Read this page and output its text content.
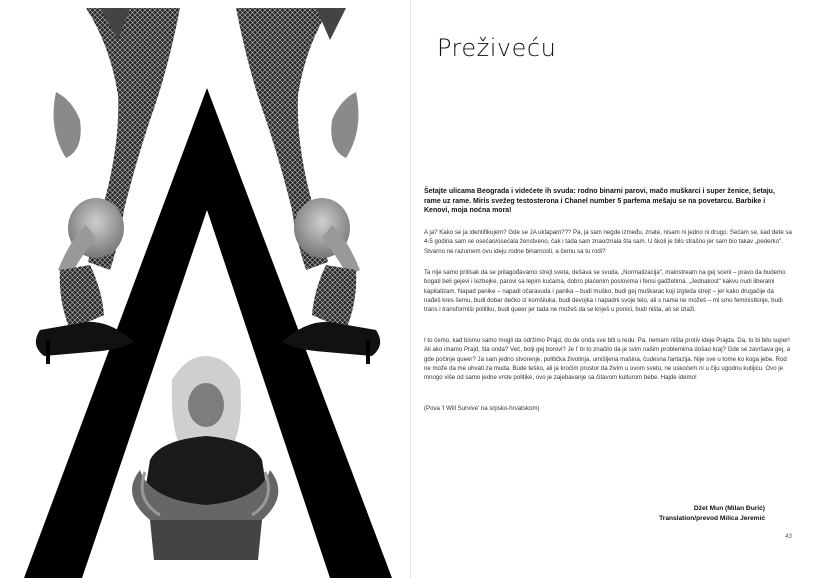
Preživeću

Šetajte ulicama Beograda i videćete ih svuda: rodno binarni parovi, mačo muškarci i super ženice, šetaju, rame uz rame. Miris svežeg testosterona i Chanel number 5 parfema mešaju se na povetarcu. Barbike i Kenovi, moja noćna mora!

A ja? Kako se ja identifikujem? Gde se JA uklapam??? Pa, ja sam negde između, znate, nisam ni jedno ni drugo. Sećam se, kad dete sa 4-5 godina sam se osećao/osećala ženstveno, čak i tada sam znao/znala šta sam. U školi je bilo strašno jer sam bio takav „pederko". Stvarno ne razumem ovu ideju rodne binarnosti, a čemu sa tu rodi?

Ta nije samo pritisak da se prilagođavamo strejt sveta, dešava se svuda. „Normalizacija", mainstream na gej sceni – pravo da budemo bogati beli gejevi i lezbejke, parovi sa lepim kućama, dobro plaćenim poslovima i fensi gadžetima. „Jednakost" kakvu nudi liberalni kapitalizam. Napad panike – napadi očaravuda i panika – budi muško, budi gej muškarac koji izgleda strejt – jer kako drugačije da nađeš kres šemu, budi dobar dečko iz komšiluka, budi devojka i napadni svoje telo, ali s nama ne možeš – mi smo feministkinje, budi trans i transformiši politiku, budi queer jer tada ne možeš da se kriješ u ponici, budi ništa, ali se izlaži.

I to ćemo, kad bismo samo mogli da održimo Prajd, do de onda sve biti u redu. Pa, nemam ništa protiv ideje Prajda. Da, to bi bilo super! Ali ako imamo Prajd, šta onda? Već, bolji gej borovi? Je l' bi to značilo da je svim našim problemima došao kraj? Gde se završava gej, a gde počinje queer? Ja sam jedno stvorenje, politička životinja, umišljena mašina, čudesna fantazija. Nije sve u tome ko koga jebe. Rod ne može da me uhvati za muda. Bude teško, ali ja kročim prostor da živim u ovom svetu, ne uskoćem ni u čiju ugodnu kutijicu. Ovo je mnogo više od samo jedne vrste politike, ovo je zajebavanje sa čitavom kulturom bebe. Hajde idemo!

(Pova 'I Will Survive' na srpsko-hrvatskom)

Džet Mun (Milan Đurić)

Translation/prevod Milica Jeremić

43
